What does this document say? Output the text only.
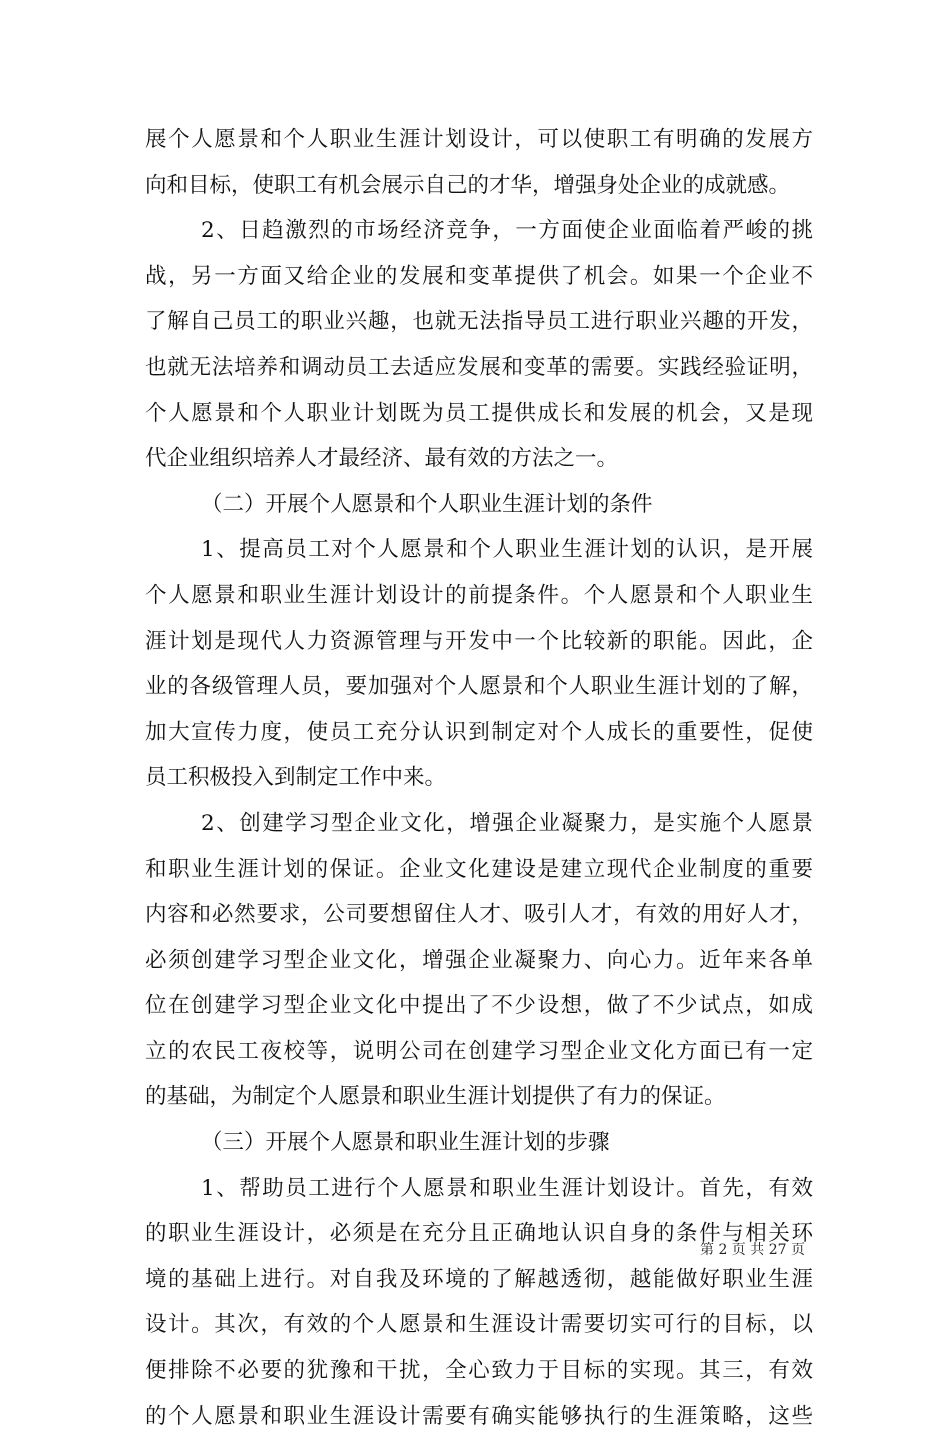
展个人愿景和个人职业生涯计划设计，可以使职工有明确的发展方
向和目标，使职工有机会展示自己的才华，增强身处企业的成就感。
2、日趋激烈的市场经济竞争，一方面使企业面临着严峻的挑
战，另一方面又给企业的发展和变革提供了机会。如果一个企业不
了解自己员工的职业兴趣，也就无法指导员工进行职业兴趣的开发，
也就无法培养和调动员工去适应发展和变革的需要。实践经验证明，
个人愿景和个人职业计划既为员工提供成长和发展的机会，又是现
代企业组织培养人才最经济、最有效的方法之一。
（二）开展个人愿景和个人职业生涯计划的条件
1、提高员工对个人愿景和个人职业生涯计划的认识，是开展
个人愿景和职业生涯计划设计的前提条件。个人愿景和个人职业生
涯计划是现代人力资源管理与开发中一个比较新的职能。因此，企
业的各级管理人员，要加强对个人愿景和个人职业生涯计划的了解，
加大宣传力度，使员工充分认识到制定对个人成长的重要性，促使
员工积极投入到制定工作中来。
2、创建学习型企业文化，增强企业凝聚力，是实施个人愿景
和职业生涯计划的保证。企业文化建设是建立现代企业制度的重要
内容和必然要求，公司要想留住人才、吸引人才，有效的用好人才，
必须创建学习型企业文化，增强企业凝聚力、向心力。近年来各单
位在创建学习型企业文化中提出了不少设想，做了不少试点，如成
立的农民工夜校等，说明公司在创建学习型企业文化方面已有一定
的基础，为制定个人愿景和职业生涯计划提供了有力的保证。
（三）开展个人愿景和职业生涯计划的步骤
1、帮助员工进行个人愿景和职业生涯计划设计。首先，有效
的职业生涯设计，必须是在充分且正确地认识自身的条件与相关环
境的基础上进行。对自我及环境的了解越透彻，越能做好职业生涯
设计。其次，有效的个人愿景和生涯设计需要切实可行的目标，以
便排除不必要的犹豫和干扰，全心致力于目标的实现。其三，有效
的个人愿景和职业生涯设计需要有确实能够执行的生涯策略，这些
第 2 页 共 27 页
